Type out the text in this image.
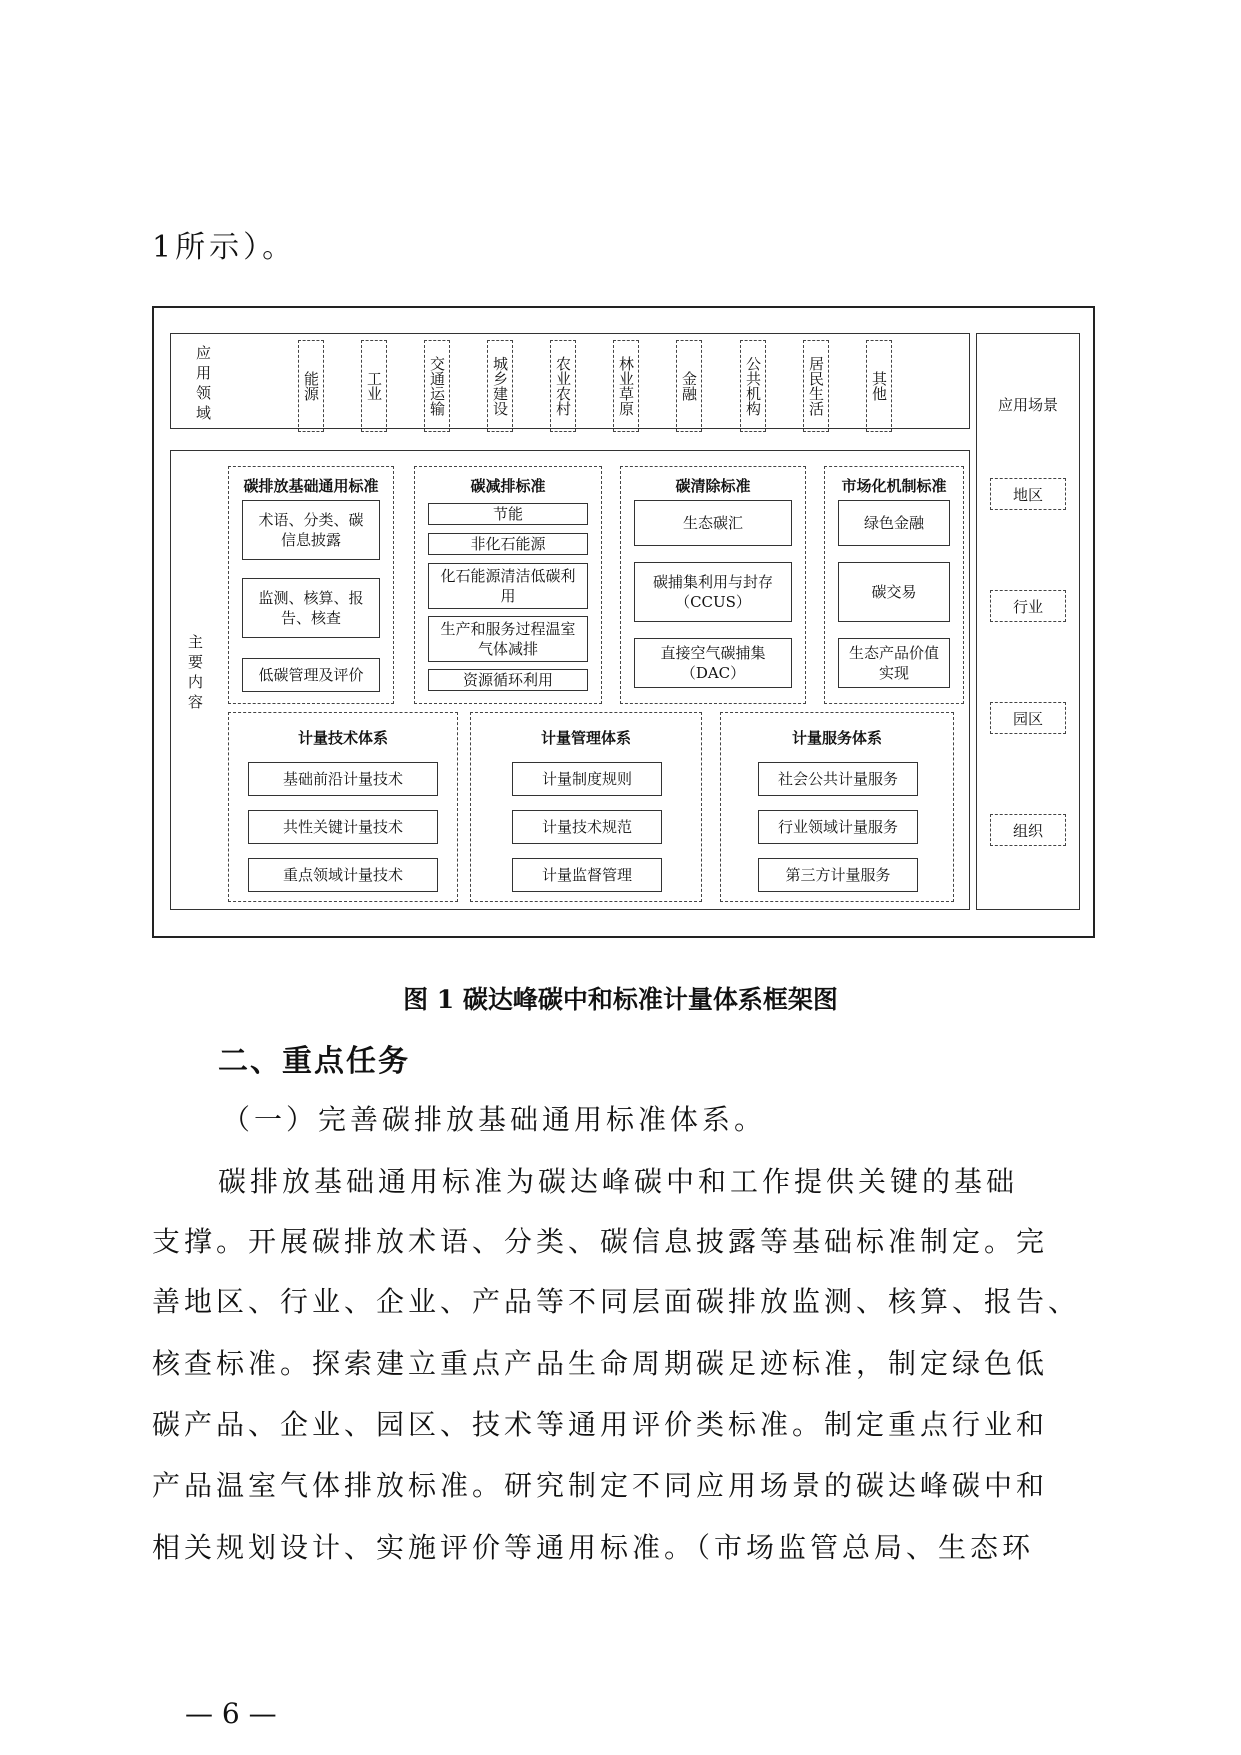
1所示）。
应用领域
能源	工业	交通运输	城乡建设	农业农村	林业草原	金融	公共机构	居民生活	其他
应用场景
地区
行业
园区
组织
主要内容
碳排放基础通用标准
术语、分类、碳信息披露
监测、核算、报告、核查
低碳管理及评价
碳减排标准
节能
非化石能源
化石能源清洁低碳利用
生产和服务过程温室气体减排
资源循环利用
碳清除标准
生态碳汇
碳捕集利用与封存（CCUS）
直接空气碳捕集（DAC）
市场化机制标准
绿色金融
碳交易
生态产品价值实现
计量技术体系
基础前沿计量技术
共性关键计量技术
重点领域计量技术
计量管理体系
计量制度规则
计量技术规范
计量监督管理
计量服务体系
社会公共计量服务
行业领域计量服务
第三方计量服务
图 1 碳达峰碳中和标准计量体系框架图
二、重点任务
（一）完善碳排放基础通用标准体系。
碳排放基础通用标准为碳达峰碳中和工作提供关键的基础
支撑。开展碳排放术语、分类、碳信息披露等基础标准制定。完
善地区、行业、企业、产品等不同层面碳排放监测、核算、报告、
核查标准。探索建立重点产品生命周期碳足迹标准，制定绿色低
碳产品、企业、园区、技术等通用评价类标准。制定重点行业和
产品温室气体排放标准。研究制定不同应用场景的碳达峰碳中和
相关规划设计、实施评价等通用标准。（市场监管总局、生态环
— 6 —
